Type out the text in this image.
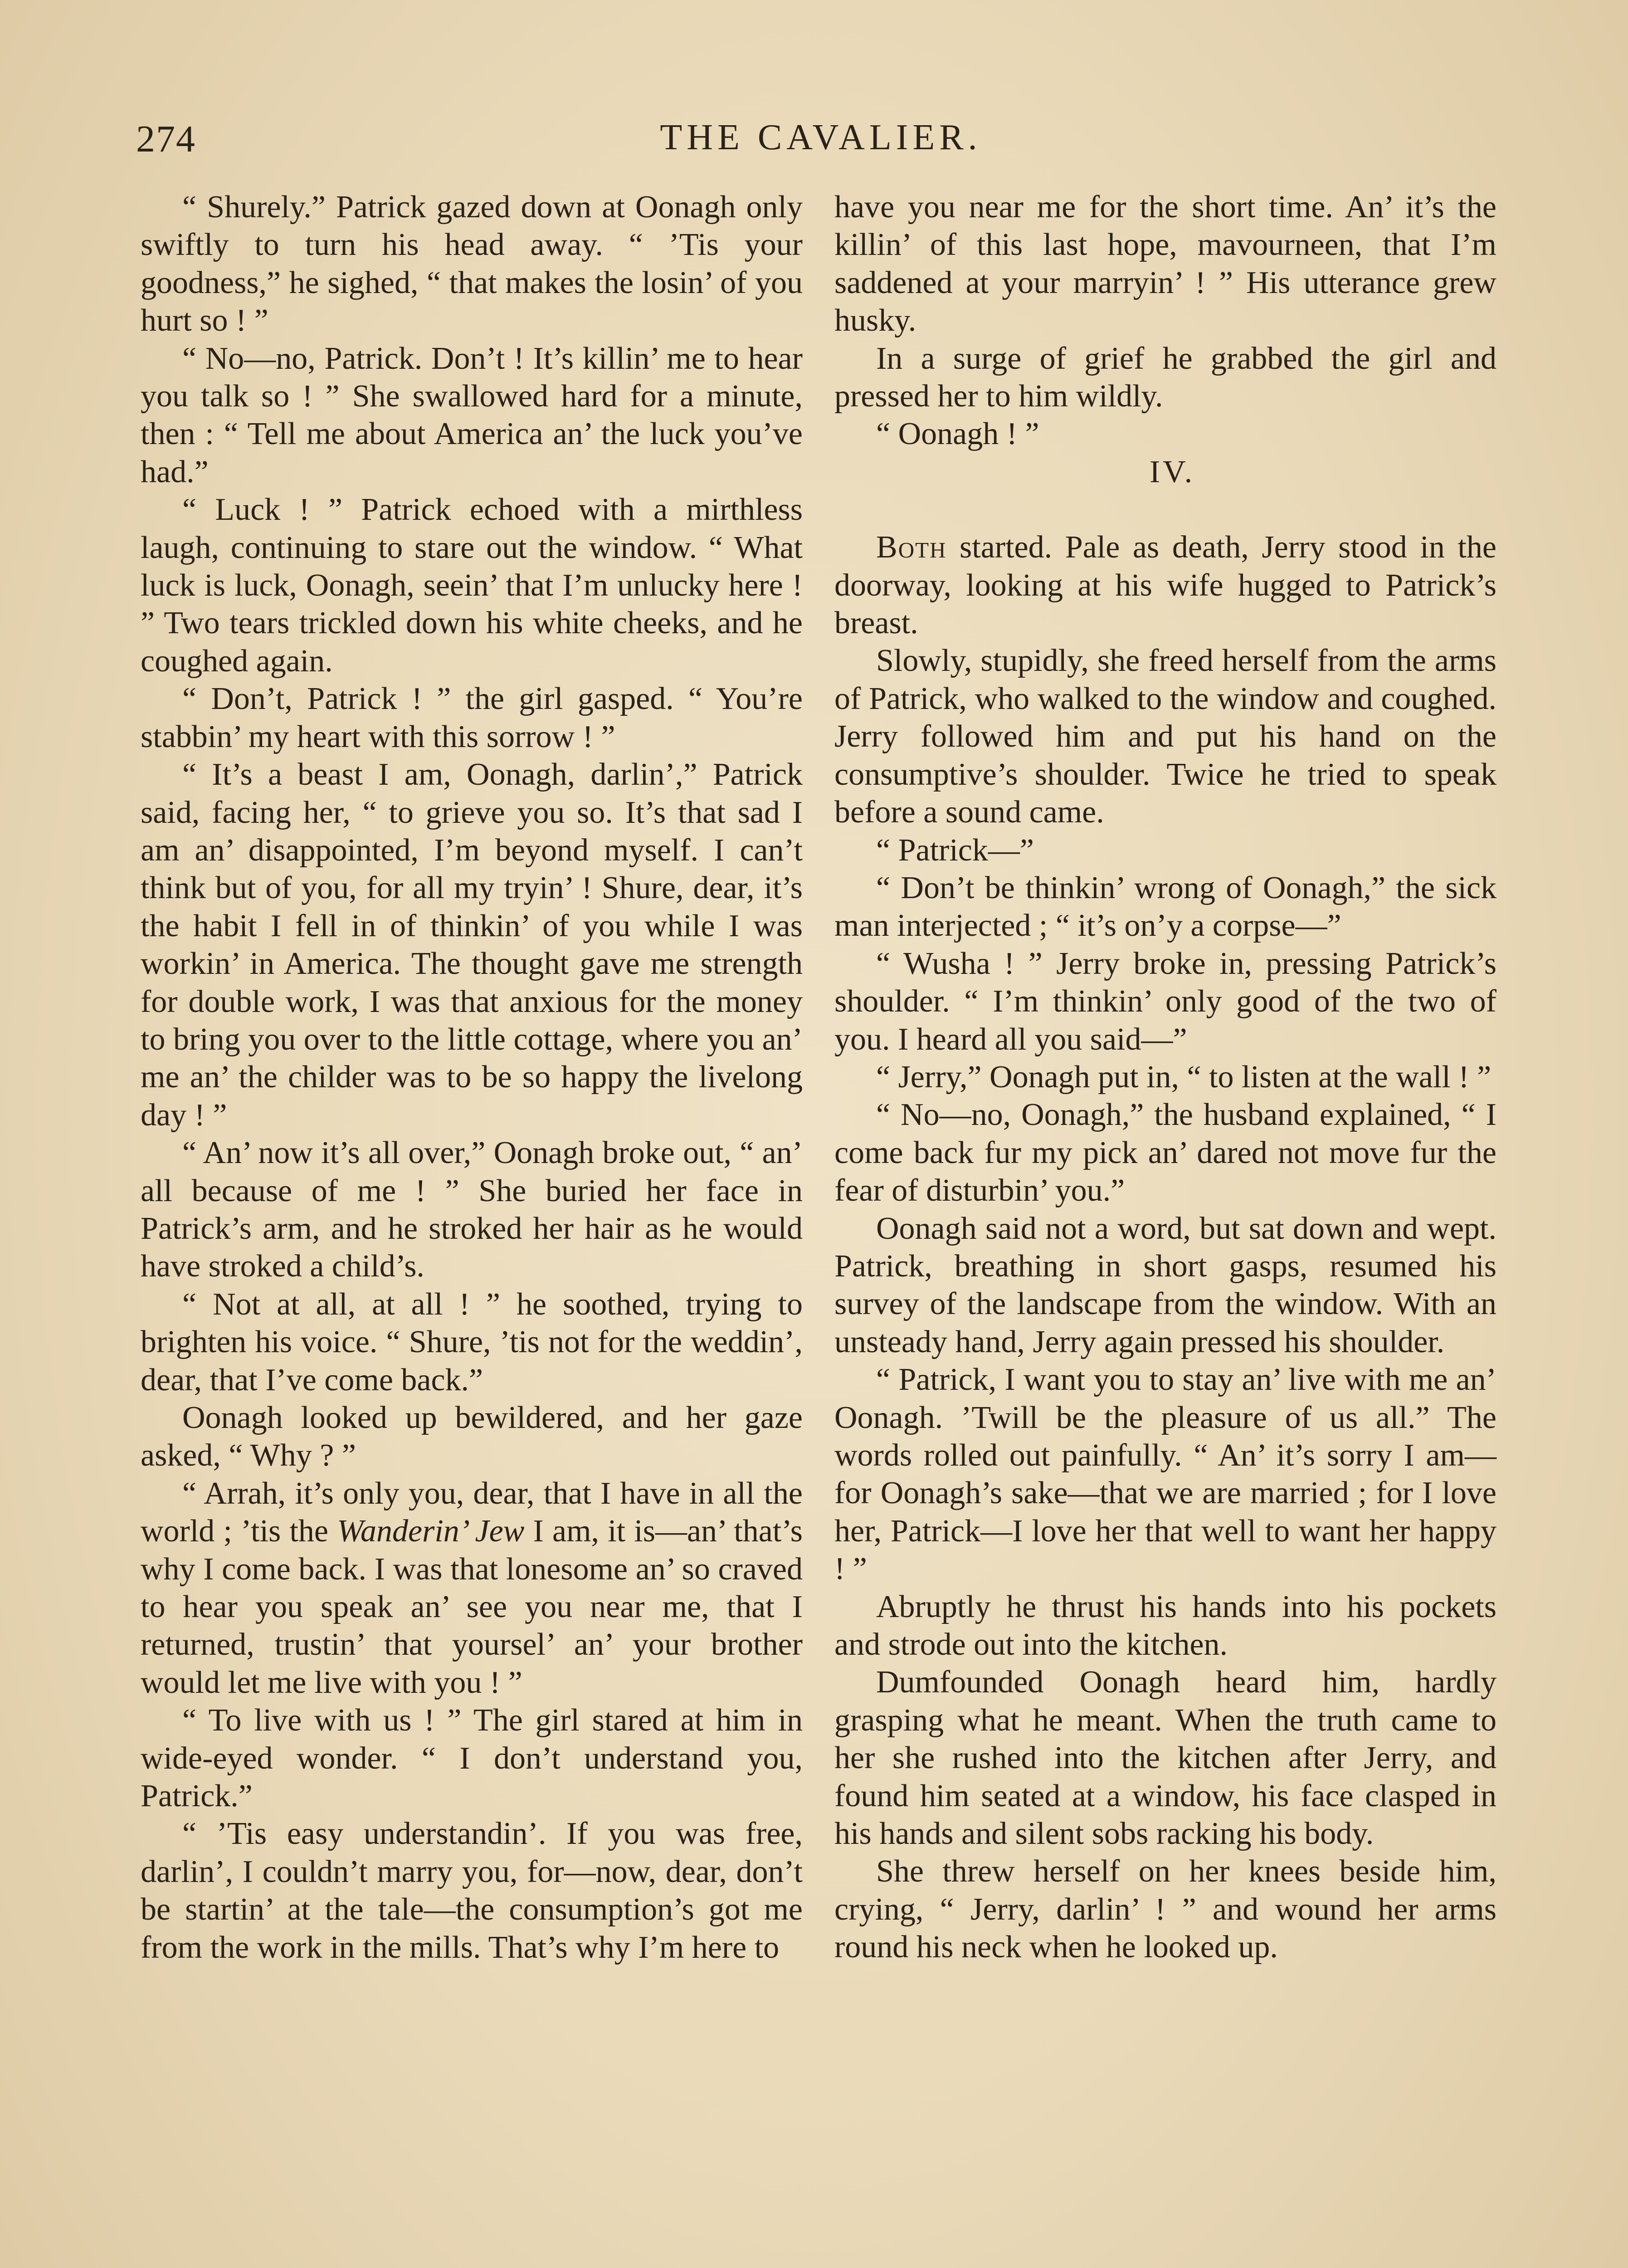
274	THE CAVALIER.

“ Shurely.” Patrick gazed down at Oonagh only swiftly to turn his head away. “ ’Tis your goodness,” he sighed, “ that makes the losin’ of you hurt so ! ”

“ No—no, Patrick. Don’t ! It’s killin’ me to hear you talk so ! ” She swallowed hard for a minute, then : “ Tell me about America an’ the luck you’ve had.”

“ Luck ! ” Patrick echoed with a mirthless laugh, continuing to stare out the window. “ What luck is luck, Oonagh, seein’ that I’m unlucky here ! ” Two tears trickled down his white cheeks, and he coughed again.

“ Don’t, Patrick ! ” the girl gasped. “ You’re stabbin’ my heart with this sorrow ! ”

“ It’s a beast I am, Oonagh, darlin’,” Patrick said, facing her, “ to grieve you so. It’s that sad I am an’ disappointed, I’m beyond myself. I can’t think but of you, for all my tryin’ ! Shure, dear, it’s the habit I fell in of thinkin’ of you while I was workin’ in America. The thought gave me strength for double work, I was that anxious for the money to bring you over to the little cottage, where you an’ me an’ the childer was to be so happy the livelong day ! ”

“ An’ now it’s all over,” Oonagh broke out, “ an’ all because of me ! ” She buried her face in Patrick’s arm, and he stroked her hair as he would have stroked a child’s.

“ Not at all, at all ! ” he soothed, trying to brighten his voice. “ Shure, ’tis not for the weddin’, dear, that I’ve come back.”

Oonagh looked up bewildered, and her gaze asked, “ Why ? ”

“ Arrah, it’s only you, dear, that I have in all the world ; ’tis the Wanderin’ Jew I am, it is—an’ that’s why I come back. I was that lonesome an’ so craved to hear you speak an’ see you near me, that I returned, trustin’ that yoursel’ an’ your brother would let me live with you ! ”

“ To live with us ! ” The girl stared at him in wide-eyed wonder. “ I don’t understand you, Patrick.”

“ ’Tis easy understandin’. If you was free, darlin’, I couldn’t marry you, for—now, dear, don’t be startin’ at the tale—the consumption’s got me from the work in the mills. That’s why I’m here to

have you near me for the short time. An’ it’s the killin’ of this last hope, mavourneen, that I’m saddened at your marryin’ ! ” His utterance grew husky.

In a surge of grief he grabbed the girl and pressed her to him wildly.

“ Oonagh ! ”

IV.

Both started. Pale as death, Jerry stood in the doorway, looking at his wife hugged to Patrick’s breast.

Slowly, stupidly, she freed herself from the arms of Patrick, who walked to the window and coughed. Jerry followed him and put his hand on the consumptive’s shoulder. Twice he tried to speak before a sound came.

“ Patrick—”

“ Don’t be thinkin’ wrong of Oonagh,” the sick man interjected ; “ it’s on’y a corpse—”

“ Wusha ! ” Jerry broke in, pressing Patrick’s shoulder. “ I’m thinkin’ only good of the two of you. I heard all you said—”

“ Jerry,” Oonagh put in, “ to listen at the wall ! ”

“ No—no, Oonagh,” the husband explained, “ I come back fur my pick an’ dared not move fur the fear of disturbin’ you.”

Oonagh said not a word, but sat down and wept. Patrick, breathing in short gasps, resumed his survey of the landscape from the window. With an unsteady hand, Jerry again pressed his shoulder.

“ Patrick, I want you to stay an’ live with me an’ Oonagh. ’Twill be the pleasure of us all.” The words rolled out painfully. “ An’ it’s sorry I am—for Oonagh’s sake—that we are married ; for I love her, Patrick—I love her that well to want her happy ! ”

Abruptly he thrust his hands into his pockets and strode out into the kitchen.

Dumfounded Oonagh heard him, hardly grasping what he meant. When the truth came to her she rushed into the kitchen after Jerry, and found him seated at a window, his face clasped in his hands and silent sobs racking his body.

She threw herself on her knees beside him, crying, “ Jerry, darlin’ ! ” and wound her arms round his neck when he looked up.
